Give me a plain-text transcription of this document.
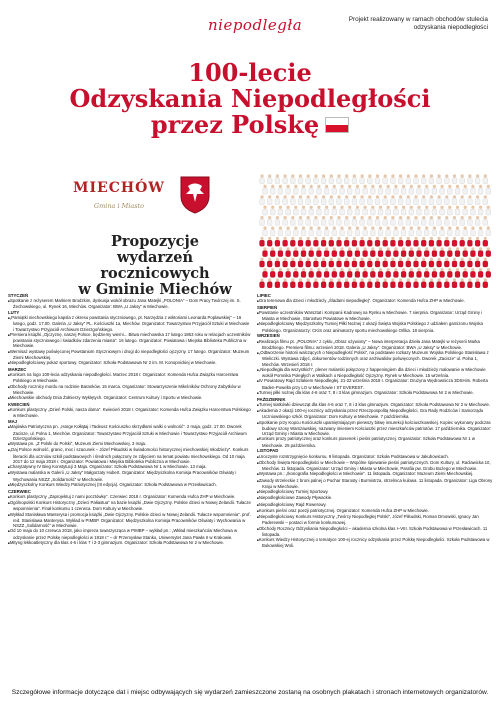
niepodległa	Projekt realizowany w ramach obchodów stulecia odzyskania niepodległości
100-lecie
Odzyskania Niepodległości
przez Polskę
MIECHÓW
Gmina i Miasto
Propozycje
wydarzeń rocznicowych
w Gminie Miechów
STYCZEŃ
■ Spotkanie z reżyserem Markiem Brodzkim, dyskusja wokół obrazu Jana Matejki „POLONIA” – Dom Pracy Twórczej im. S. Żechowskiego, ul. Rynek 16, Miechów. Organizator: BWA „U Jaksy” w Miechowie.
LUTY
■ „Pamiątki niechowskiego kapsla z okresu powstania styczniowego, pt. Narzędzia z wiktoriami Leonarda Poplawskiej” – 16 lutego, godz. 17.00. Galeria „U Jaksy” PL. Kościuszki 1a, Miechów. Organizator: Towarzystwo Przyjaciół Sztuki w Miechowie i Towarzystwo Przyjaciół Archiwum Dzierzgońskiego.
■ Premiera książki „Ojczyznę, naszej Polsce, będziemy wierni... Bitwa miechowska 17 lutego 1863 roku w relacjach uczestników powstania styczniowego i świadków zdarzenia miasta”. 16 lutego. Organizator: Powiatowa i Miejska Biblioteka Publiczna w Miechowie.
■ Wernisaż wystawy poświęconej Powstaniom Styczniowym i drogi do niepodległości ojczyzny. 17 lutego. Organizator: Muzeum Ziemi Miechowskiej.
■ Niepodległościowy pokaz sportowy. Organizator: Szkoła Podstawowa Nr 2 im. M. Konopnickiej w Miechowie.
MARZEC
■ Konkurs na logo 100-lecia odzyskania niepodległości. Marzec 2018 r. Organizator: Komenda Hufca Związku Harcerstwa Polskiego w Miechowie.
■ Obchody rocznicy mordu na rodzinie Baranków. 15 marca. Organizator: Stowarzyszenie Miłośników Ochrony Zabytków w Miechowie.
■ Miechowskie obchody Dnia Żołnierzy Wyklętych. Organizator: Centrum Kultury i Sportu w Miechowie.
KWIECIEŃ
■ Konkurs plastyczny „Dzień Polski, nasza dama”. Kwiecień 2018 r. Organizator: Komenda Hufca Związku Harcerstwa Polskiego w Miechowie.
MAJ
■ Majówka Patriotyczna pn. „Harge Kołłątaj i Tadeusz Kościuszko skrzydłami walki o wolność”. 2 maja, godz. 17.00. Dworek Zacisze, ul. Polna 1, Miechów. Organizator: Towarzystwo Przyjaciół Sztuki w Miechowie i Towarzystwo Przyjaciół Archiwum Dzierzgońskiego.
■ Wystawa pn. „Z Polski do Polski”, Muzeum Ziemi Miechowskiej. 3 maja.
■ „Daj Polsce wolność, granic, moc i szacunek – Józef Piłsudski w świadomości historycznej miechowskiej młodzieży”. Konkurs literacki dla uczniów szkół podstawowych i średnich połączony ze zdjęciem na temat powiatu miechowskiego. Od 10 maja 2017 do 12 maja 2018 r. Organizator: Powiatowa i Miejska Biblioteka Publiczna w Miechowie.
■ Charytatywny IV Bieg Konstytucji 3 Maja. Organizator: Szkoła Podstawowa Nr 1 w Miechowie. 13 maja.
■ Wystawa malarska w Galerii „U Jaksy” Małgorzaty Hubert. Organizator: Międzyszkolna Komisja Pracowników Oświaty i Wychowania NSZZ „Solidarność” w Miechowie.
■ Międzyszkolny Konkurs Wiedzy Patriotycznej (III edycja). Organizator: Szkoła Podstawowa w Przesławicach.
CZERWIEC
■ Konkurs plastyczny „Zaprojektuj z nami pocztówkę”. Czerwiec 2018 r. Organizator: Komenda Hufca ZHP w Miechowie.
■ Ogólnopolski Konkurs Historyczny „Dzieci Pałiastua” na bazie książki „Dwie Ojczyzny. Polskie dzieci w Nowej Zelandii. Tułacze wspomnienia”. Finał konkursu 1 czerwca. Dom Kultury w Miechowie.
■ Wykład Stanisława Manterysa i promocja książki „Dwie Ojczyzny. Polskie dzieci w Nowej Zelandii. Tułacze wspomnienia”. prof. red. Stanisława Manterysa. Wykład w PIMBP. Organizator: Międzyszkolna Komisja Pracowników Oświaty i Wychowania w NSZZ „Solidarność” w Miechowie.
■ Od 10 maja do 10 czerwca 2018, jako impreza towarzysząca w PIMBP – wykład pn.: „Wkład mieszkańców Miechowa w odzyskanie przez Polskę niepodległości w 1918 r.” – dr Przemysław Stanko, Uniwersytet Jana Pawła II w Krakowie.
■ Mityng lekkoatletyczny dla klas 4-6 i klas 7 i 2-3 gimnazjum. Organizator: Szkoła Podstawowa Nr 2 w Miechowie.
LIPIEC
■ Gra terenowa dla dzieci i młodzieży „Śladami niepodległej”. Organizator: Komenda Hufca ZHP w Miechowie.
SIERPIEŃ
■ Powstanie uczestników Warsztat i Kompanii Kadrowej na Rynku w Miechowie. 7 sierpnia. Organizator: Urząd Gminy i Miasta w Miechowie, Starostwo Powiatowe w Miechowie.
■ Niepodległościowy Międzyszkolny Turniej Piłki Nożnej z okazji Święta Wojska Polskiego z udziałem garnizonu Wojska Polskiego. Organizatorzy: CKiS oraz animatorzy sportu miechowskiego Orlika. 18 sierpnia.
WRZESIEŃ
■ Realizacja filmu pt. „POLONIA” z cyklu „Obraz ożywiony” – Nowa interpretacja dzieła Jana Matejki w reżyserii Marka Brodzkiego. Premiera filmu: wrzesień 2018. Galeria „U Jaksy”. Organizator: BWA „U Jaksy” w Miechowie.
■ „Odtworzenie historii walczących o Niepodległość Polski”, na podstawie rozkazy Muzeum Wojska Polskiego Stanisława z Wieliczki. Wystawa zdjęć, dokumentów rodzinnych oraz archiwaliów poświęconych. Dworek „Zacisze” ul. Polna 1, Miechów. Wrzesień 2018 r.
■ „Niepodległa dla wszystkich”, plener malarski połączony z happeningiem dla dzieci i młodzieży malowanie w Miechowie wokół Pomnika Poległych w Walkach o Niepodległość Ojczyzny. Rynek w Miechowie. 15 września.
■ IV Powiatowy Rajd Szlakiem Niepodległej. 21-22 września 2018 r. Organizator: Drużyna Wędrownicza 3DSHim. Roberta Baden-Powella przy LO w Miechowie I ST EVEREST.
■ Turniej piłki nożnej dla klas 4-6 oraz 7, 8 i 3 klas gimnazjum. Organizator: Szkoła Podstawowa Nr 2 w Miechowie.
PAŹDZIERNIK
■ Turniej siatkówki dziewcząt dla klas 4-6 oraz 7, 8 i 3 klas gimnazjum. Organizator: Szkoła Podstawowa Nr 2 w Miechowie.
■ Akademia z okazji 100-ej rocznicy odzyskania przez Rzeczpospolitą Niepodległości. Gra Rady Rodziców i Samorządu Uczniowskiego szkół. Organizator: Dom Kultury w Miechowie. 7 października.
■ Spotkanie przy Kopcu Kościuszki upamiętniającym pierwszy bitwę insurekcji kościuszkowskiej. Kopiec wykonany podczas budowy szosy Warszawskiej, nazwany imieniem Kościuszki przez mieszkańców patriotów. 17 października. Organizator: Urząd Gminy i Miasta w Miechowie.
■ Konkurs prozy patriotycznej oraz konkurs piosenek i pieśni patriotycznej. Organizator: Szkoła Podstawowa Nr 1 w Miechowie. 25 października.
LISTOPAD
■ Uroczyste rozstrzygnięcie konkursu. 9 listopada. Organizator: Szkoła Podstawowa w Jakubowicach.
■ Obchody Święta Niepodległości w Miechowie – Wspólne śpiewanie pieśni patriotycznych. Dom Kultury, ul. Racławicka 10, Miechów. 11 listopada. Organizator: Urząd Gminy i Miasta w Miechowie, Parafia pw. Grobu Bożego w Miechowie.
■ Wystawa pn.: „Ikonografia Niepodległości w Miechowie”. 11 listopada. Organizator: Muzeum Ziemi Miechowskiej.
■ Zawody strzeleckie z broni palnej o Puchar Starosty i Burmistrza, strzelnica kulowa. 11 listopada. Organizator: Liga Obrony Kraju w Miechowie.
■ Niepodległościowy Turniej Sportowy.
■ Niepodległościowe Zawody Pływackie.
■ Niepodległościowy Rajd Rowerowy.
■ Konkurs pieśni oraz poezji patriotycznej. Organizator: Komenda Hufca ZHP w Miechowie.
■ Niepodległościowy Konkurs Historyczny „Twórcy Niepodległej Polski”, Józef Piłsudski, Roman Dmowski, Ignacy Jan Paderewski – postaci w formie konkursowej.
■ Obchody Rocznicy Odzyskania Niepodległości – akademia szkolna klas I–VIII. Szkoła Podstawowa w Przesławicach. 11 listopada.
■ Konkurs Wiedzy Historycznej o tematyce 100-ej rocznicy odzyskania przez Polskę Niepodległości. Szkoła Podstawowa w Bukowskiej Woli.
Szczegółowe informacje dotyczące dat i miejsc odbywających się wydarzeń zamieszczone zostaną na osobnych plakatach i stronach internetowych organizatorów.
